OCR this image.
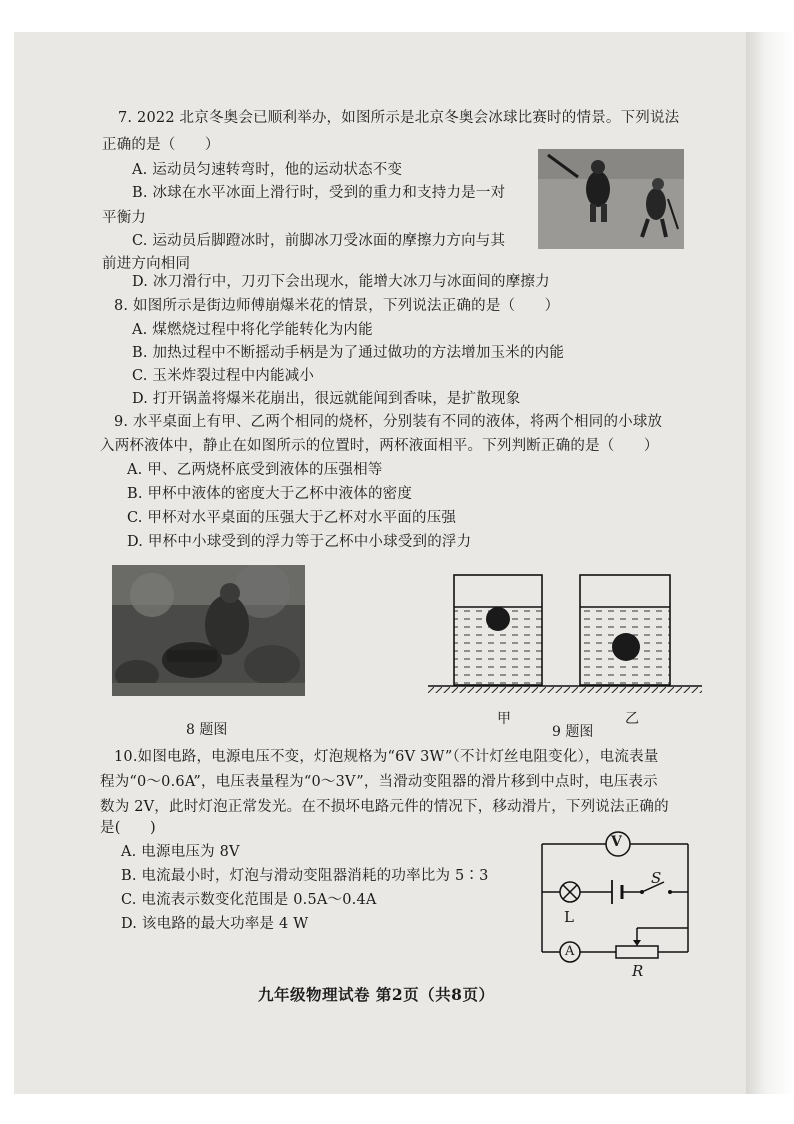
7. 2022 北京冬奥会已顺利举办，如图所示是北京冬奥会冰球比赛时的情景。下列说法
正确的是（　　）
A. 运动员匀速转弯时，他的运动状态不变
B. 冰球在水平冰面上滑行时，受到的重力和支持力是一对
平衡力
C. 运动员后脚蹬冰时，前脚冰刀受冰面的摩擦力方向与其
前进方向相同
D. 冰刀滑行中，刀刃下会出现水，能增大冰刀与冰面间的摩擦力
8. 如图所示是街边师傅崩爆米花的情景，下列说法正确的是（　　）
A. 煤燃烧过程中将化学能转化为内能
B. 加热过程中不断摇动手柄是为了通过做功的方法增加玉米的内能
C. 玉米炸裂过程中内能减小
D. 打开锅盖将爆米花崩出，很远就能闻到香味，是扩散现象
9. 水平桌面上有甲、乙两个相同的烧杯，分别装有不同的液体，将两个相同的小球放
入两杯液体中，静止在如图所示的位置时，两杯液面相平。下列判断正确的是（　　）
A. 甲、乙两烧杯底受到液体的压强相等
B. 甲杯中液体的密度大于乙杯中液体的密度
C. 甲杯对水平桌面的压强大于乙杯对水平面的压强
D. 甲杯中小球受到的浮力等于乙杯中小球受到的浮力
8 题图
甲
9 题图
乙
10.如图电路，电源电压不变，灯泡规格为“6V 3W”（不计灯丝电阻变化），电流表量
程为“0～0.6A”，电压表量程为“0～3V”，当滑动变阻器的滑片移到中点时，电压表示
数为 2V，此时灯泡正常发光。在不损坏电路元件的情况下，移动滑片，下列说法正确的
是(　　)
A. 电源电压为 8V
B. 电流最小时，灯泡与滑动变阻器消耗的功率比为 5∶3
C. 电流表示数变化范围是 0.5A～0.4A
D. 该电路的最大功率是 4 W
V
A
L
S
R
九年级物理试卷 第2页（共8页）
